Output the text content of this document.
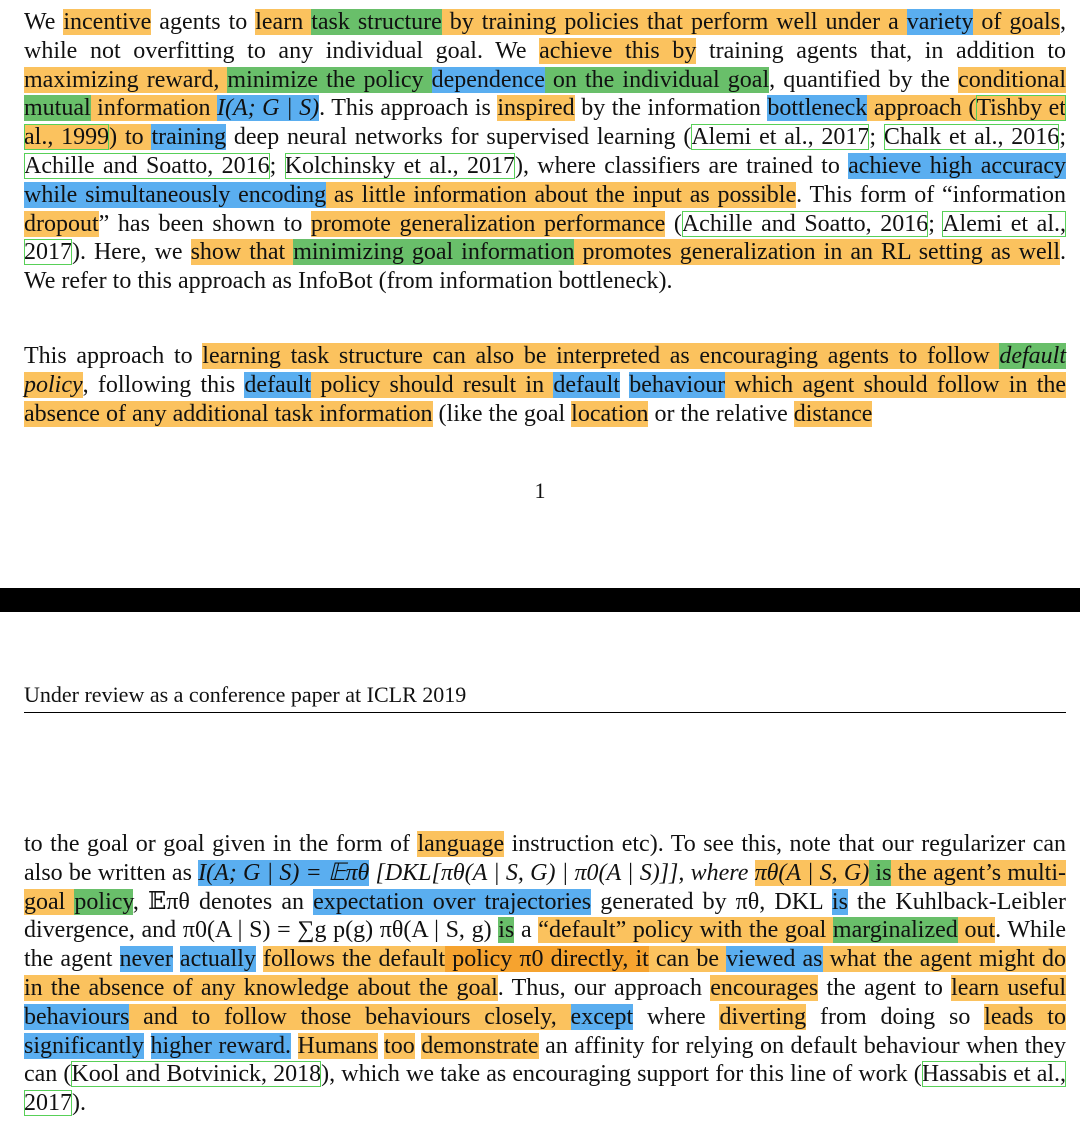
We incentive agents to learn task structure by training policies that perform well under a variety of goals, while not overfitting to any individual goal. We achieve this by training agents that, in addition to maximizing reward, minimize the policy dependence on the individual goal, quantified by the conditional mutual information I(A; G | S). This approach is inspired by the information bottleneck approach (Tishby et al., 1999) to training deep neural networks for supervised learning (Alemi et al., 2017; Chalk et al., 2016; Achille and Soatto, 2016; Kolchinsky et al., 2017), where classifiers are trained to achieve high accuracy while simultaneously encoding as little information about the input as possible. This form of “information dropout” has been shown to promote generalization performance (Achille and Soatto, 2016; Alemi et al., 2017). Here, we show that minimizing goal information promotes generalization in an RL setting as well. We refer to this approach as InfoBot (from information bottleneck).
This approach to learning task structure can also be interpreted as encouraging agents to follow default policy, following this default policy should result in default behaviour which agent should follow in the absence of any additional task information (like the goal location or the relative distance
1
Under review as a conference paper at ICLR 2019
to the goal or goal given in the form of language instruction etc). To see this, note that our regularizer can also be written as I(A; G | S) = 𝔼πθ [DKL[πθ(A | S, G) | π0(A | S)]], where πθ(A | S, G) is the agent’s multi-goal policy, 𝔼πθ denotes an expectation over trajectories generated by πθ, DKL is the Kuhlback-Leibler divergence, and π0(A | S) = ∑g p(g) πθ(A | S, g) is a “default” policy with the goal marginalized out. While the agent never actually follows the default policy π0 directly, it can be viewed as what the agent might do in the absence of any knowledge about the goal. Thus, our approach encourages the agent to learn useful behaviours and to follow those behaviours closely, except where diverting from doing so leads to significantly higher reward. Humans too demonstrate an affinity for relying on default behaviour when they can (Kool and Botvinick, 2018), which we take as encouraging support for this line of work (Hassabis et al., 2017).
